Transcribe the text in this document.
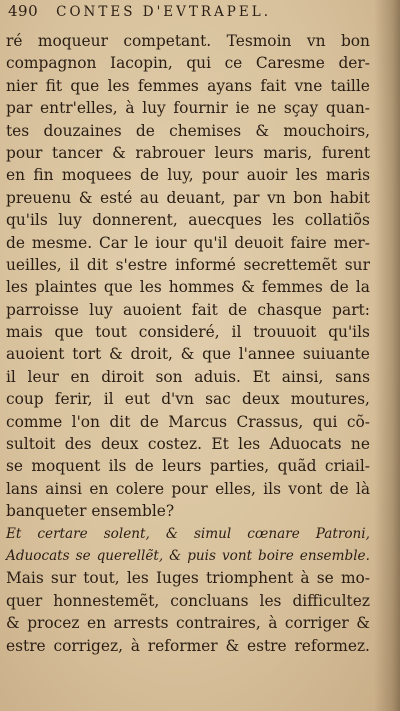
490 CONTES D'EVTRAPEL.
ré moqueur competant. Tesmoin vn bon
compagnon Iacopin, qui ce Caresme der-
nier fit que les femmes ayans fait vne taille
par entr'elles, à luy fournir ie ne sçay quan-
tes douzaines de chemises & mouchoirs,
pour tancer & rabrouer leurs maris, furent
en fin moquees de luy, pour auoir les maris
preuenu & esté au deuant, par vn bon habit
qu'ils luy donnerent, auecques les collatiõs
de mesme. Car le iour qu'il deuoit faire mer-
ueilles, il dit s'estre informé secrettemẽt sur
les plaintes que les hommes & femmes de la
parroisse luy auoient fait de chasque part:
mais que tout consideré, il trouuoit qu'ils
auoient tort & droit, & que l'annee suiuante
il leur en diroit son aduis. Et ainsi, sans
coup ferir, il eut d'vn sac deux moutures,
comme l'on dit de Marcus Crassus, qui cõ-
sultoit des deux costez. Et les Aduocats ne
se moquent ils de leurs parties, quãd criail-
lans ainsi en colere pour elles, ils vont de là
banqueter ensemble?
Et certare solent, & simul cœnare Patroni,
Aduocats se querellẽt, & puis vont boire ensemble.
Mais sur tout, les Iuges triomphent à se mo-
quer honnestemẽt, concluans les difficultez
& procez en arrests contraires, à corriger &
estre corrigez, à reformer & estre reformez.
